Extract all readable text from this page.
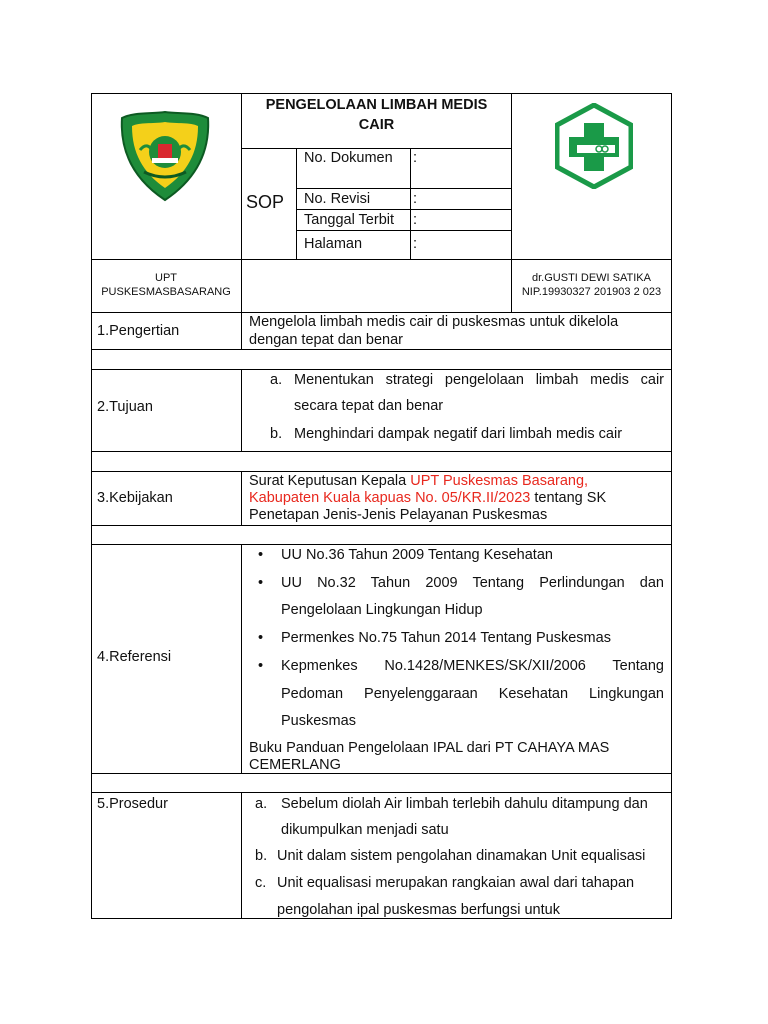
PENGELOLAAN LIMBAH MEDIS
CAIR
SOP
No. Dokumen :
No. Revisi	:
Tanggal Terbit :
Halaman	:
UPT
PUSKESMASBASARANG
dr.GUSTI DEWI SATIKA
NIP.19930327 201903 2 023
1.Pengertian
Mengelola limbah medis cair di puskesmas untuk dikelola
dengan tepat dan benar
2.Tujuan
a. Menentukan strategi pengelolaan limbah medis cair
secara tepat dan benar
b. Menghindari dampak negatif dari limbah medis cair
3.Kebijakan
Surat Keputusan Kepala UPT Puskesmas Basarang,
Kabupaten Kuala kapuas No. 05/KR.II/2023 tentang SK
Penetapan Jenis-Jenis Pelayanan Puskesmas
4.Referensi
• UU No.36 Tahun 2009 Tentang Kesehatan
• UU No.32 Tahun 2009 Tentang Perlindungan dan
Pengelolaan Lingkungan Hidup
• Permenkes No.75 Tahun 2014 Tentang Puskesmas
• Kepmenkes No.1428/MENKES/SK/XII/2006 Tentang
Pedoman Penyelenggaraan Kesehatan Lingkungan
Puskesmas
Buku Panduan Pengelolaan IPAL dari PT CAHAYA MAS
CEMERLANG
5.Prosedur	a. Sebelum diolah Air limbah terlebih dahulu ditampung dan
dikumpulkan menjadi satu
b. Unit dalam sistem pengolahan dinamakan Unit equalisasi
c. Unit equalisasi merupakan rangkaian awal dari tahapan
pengolahan ipal puskesmas berfungsi untuk
